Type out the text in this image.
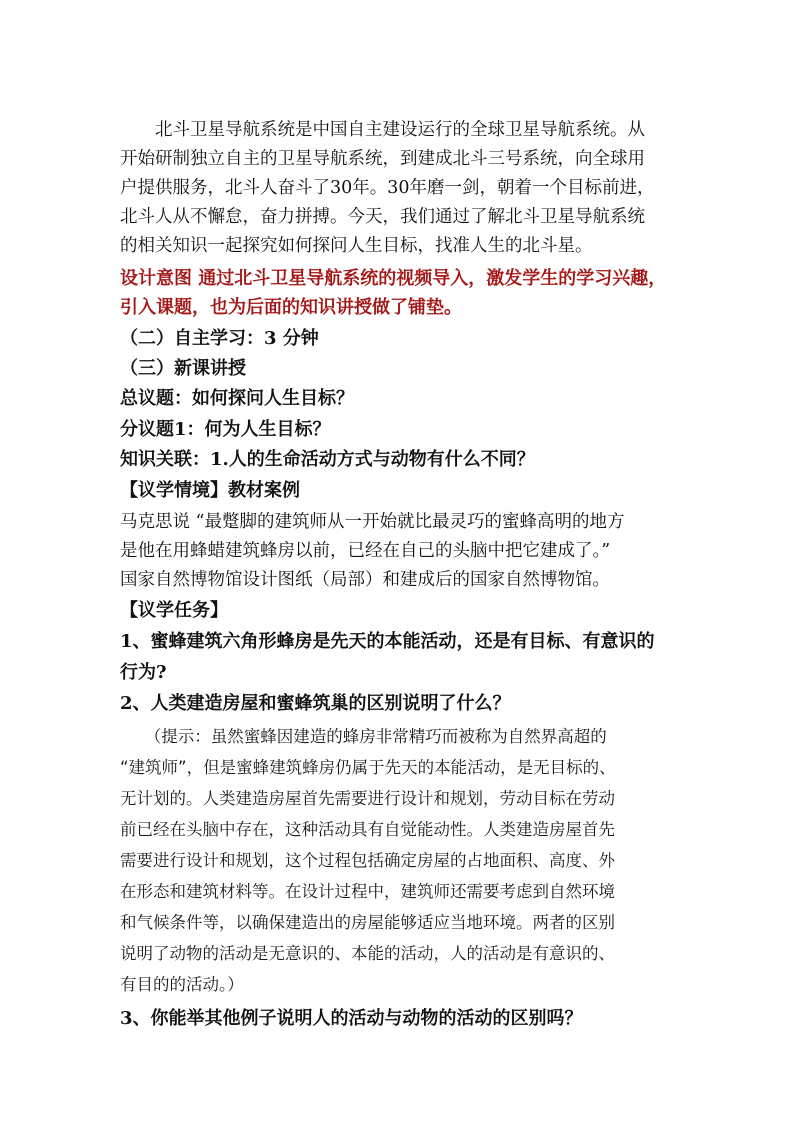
　　北斗卫星导航系统是中国自主建设运行的全球卫星导航系统。从
开始研制独立自主的卫星导航系统，到建成北斗三号系统，向全球用
户提供服务，北斗人奋斗了30年。30年磨一剑，朝着一个目标前进，
北斗人从不懈怠，奋力拼搏。今天，我们通过了解北斗卫星导航系统
的相关知识一起探究如何探问人生目标，找准人生的北斗星。
设计意图 通过北斗卫星导航系统的视频导入，激发学生的学习兴趣，
引入课题，也为后面的知识讲授做了铺垫。
（二）自主学习：3 分钟
（三）新课讲授
总议题：如何探问人生目标？
分议题1：何为人生目标？
知识关联：1.人的生命活动方式与动物有什么不同？
【议学情境】教材案例
马克思说 “最蹩脚的建筑师从一开始就比最灵巧的蜜蜂高明的地方
是他在用蜂蜡建筑蜂房以前，已经在自己的头脑中把它建成了。”
国家自然博物馆设计图纸（局部）和建成后的国家自然博物馆。
【议学任务】
1、蜜蜂建筑六角形蜂房是先天的本能活动，还是有目标、有意识的
行为?
2、人类建造房屋和蜜蜂筑巢的区别说明了什么？
　　（提示：虽然蜜蜂因建造的蜂房非常精巧而被称为自然界高超的
“建筑师”，但是蜜蜂建筑蜂房仍属于先天的本能活动，是无目标的、
无计划的。人类建造房屋首先需要进行设计和规划，劳动目标在劳动
前已经在头脑中存在，这种活动具有自觉能动性。人类建造房屋首先
需要进行设计和规划，这个过程包括确定房屋的占地面积、高度、外
在形态和建筑材料等。在设计过程中，建筑师还需要考虑到自然环境
和气候条件等，以确保建造出的房屋能够适应当地环境。两者的区别
说明了动物的活动是无意识的、本能的活动，人的活动是有意识的、
有目的的活动。）
3、你能举其他例子说明人的活动与动物的活动的区别吗？
